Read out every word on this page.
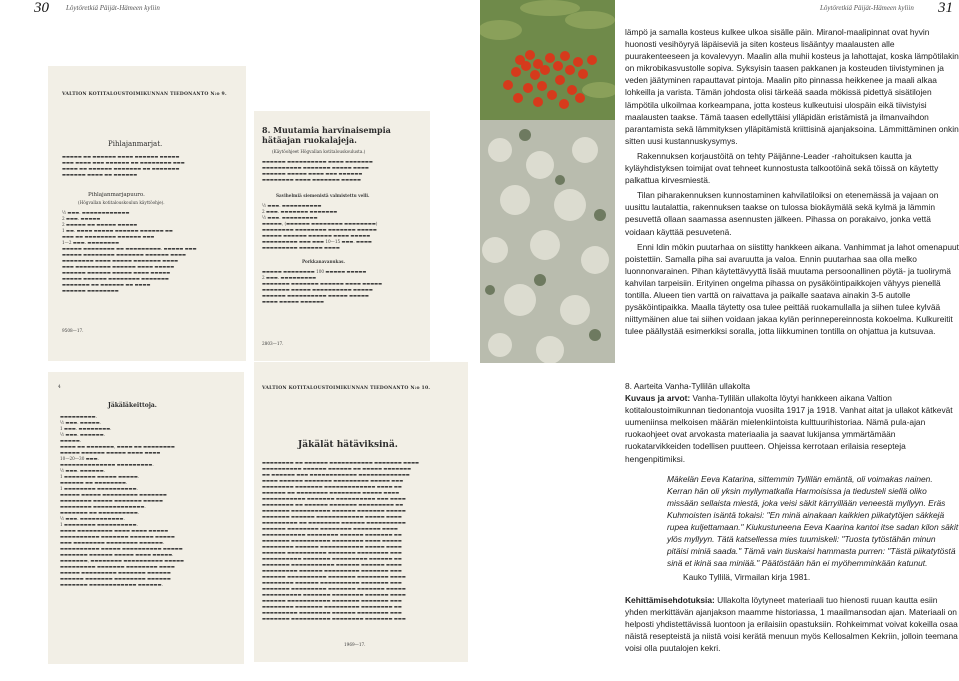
30 Löytöretkiä Päijät-Hämeen kyliin	Löytöretkiä Päijät-Hämeen kyliin 31
VALTION KOTITALOUSTOIMIKUNNAN TIEDONANTO N:o 9.
Pihlajanmarjat.
▬▬▬▬▬ ▬▬ ▬▬▬▬▬▬ ▬▬▬▬ ▬▬▬▬▬▬ ▬▬▬▬▬
▬▬▬ ▬▬▬▬ ▬▬▬ ▬▬▬▬▬▬ ▬▬ ▬▬▬▬▬▬▬▬ ▬▬▬
▬▬▬▬ ▬▬ ▬▬▬▬▬▬ ▬▬▬▬▬▬▬ ▬▬ ▬▬▬▬▬▬▬
▬▬▬▬▬▬ ▬▬▬▬ ▬▬ ▬▬▬▬▬▬
Pihlajanmarjapuuro.
(Högvallan kotitalouskoulun käyttöohje).
½ ▬▬▬. ▬▬▬▬▬▬▬▬▬▬▬▬
2 ▬▬▬. ▬▬▬▬▬
2 ▬▬▬▬▬ ▬▬ ▬▬▬▬▬ ▬▬▬▬▬
1 ▬▬. ▬▬▬▬ ▬▬▬▬▬ ▬▬▬▬▬▬ ▬▬▬▬▬▬ ▬▬
▬▬▬ ▬▬ ▬▬▬▬▬▬▬▬ ▬▬▬▬▬▬ ▬▬▬
1—2 ▬▬▬. ▬▬▬▬▬▬▬▬
▬▬▬▬▬ ▬▬▬▬▬▬▬▬ ▬▬ ▬▬▬▬▬▬▬▬▬. ▬▬▬▬▬ ▬▬▬
▬▬▬▬▬ ▬▬▬▬▬▬▬▬ ▬▬▬▬▬▬▬ ▬▬▬▬▬▬ ▬▬▬▬
▬▬▬▬▬▬▬▬ ▬▬▬▬ ▬▬▬▬▬ ▬▬▬▬▬▬▬ ▬▬▬▬
▬▬▬ ▬▬▬▬▬▬▬▬▬ ▬▬▬▬▬▬ ▬▬▬▬ ▬▬▬▬▬
▬▬▬▬▬▬ ▬▬▬▬▬▬ ▬▬▬▬▬ ▬▬▬▬ ▬▬▬▬▬
▬▬▬▬▬ ▬▬▬▬▬▬ ▬▬▬▬▬▬▬▬ ▬▬▬▬▬▬▬
▬▬▬▬▬▬▬ ▬▬ ▬▬▬▬▬▬ ▬▬ ▬▬▬▬
▬▬▬▬▬▬ ▬▬▬▬▬▬▬▬
9508—17.
8. Muutamia harvinaisempia hätäajan ruokalajeja.
(Käytöohjeet Högvallan kotitalouskoulusta.)
▬▬▬▬▬▬ ▬▬▬▬▬▬▬▬▬▬ ▬▬▬▬ ▬▬▬▬▬▬▬
▬▬▬▬▬▬▬▬▬▬ ▬▬▬▬▬▬▬ ▬▬▬▬▬ ▬▬▬▬
▬▬▬▬▬▬ ▬▬▬▬▬ ▬▬▬▬ ▬▬▬ ▬▬▬▬▬▬
▬▬▬▬▬▬▬▬ ▬▬▬▬ ▬▬▬▬▬▬▬ ▬▬▬▬▬
Savihelmiä siemenistä valmistettu velli.
½ ▬▬▬. ▬▬▬▬▬▬▬▬▬▬
2 ▬▬▬. ▬▬▬▬▬▬▬ ▬▬▬▬▬▬▬
½ ▬▬▬. ▬▬▬▬▬▬▬▬▬
▬▬▬▬▬, (▬▬▬▬▬▬ ▬▬▬▬▬▬▬▬ ▬▬▬▬▬▬▬▬)
▬▬▬▬▬▬▬▬ ▬▬▬▬▬▬▬▬ ▬▬▬▬▬▬▬ ▬▬▬▬▬
▬▬▬▬▬ ▬▬▬▬▬▬ ▬▬▬▬▬▬ ▬▬▬▬ ▬▬▬▬▬
▬▬▬▬▬▬▬▬▬ ▬▬▬ ▬▬▬ 10—15 ▬▬▬. ▬▬▬▬
▬▬▬▬▬▬▬▬▬ ▬▬▬▬▬▬ ▬▬▬▬
Porkkanavanukas.
▬▬▬▬▬ ▬▬▬▬▬▬▬▬ 100 ▬▬▬▬▬ ▬▬▬▬▬
2 ▬▬▬. ▬▬▬▬▬▬▬▬▬
▬▬▬▬▬▬▬ ▬▬▬▬▬▬▬ ▬▬▬▬▬▬ ▬▬▬▬ ▬▬▬▬▬
▬▬▬▬▬▬▬ ▬▬▬▬▬ ▬▬▬▬▬▬▬▬▬▬ ▬▬▬▬▬
▬▬▬▬▬▬ ▬▬▬▬▬▬▬▬▬▬ ▬▬▬▬▬ ▬▬▬▬▬
▬▬▬▬ ▬▬▬▬▬ ▬▬▬▬▬▬
2803—17.
4
Jäkäläkeittoja.
▬▬▬▬▬▬▬▬▬.
½ ▬▬▬. ▬▬▬▬▬.
1 ▬▬▬. ▬▬▬▬▬▬▬▬.
½ ▬▬▬. ▬▬▬▬▬▬.
▬▬▬▬▬.
▬▬▬▬ ▬▬ ▬▬▬▬▬▬▬, ▬▬▬▬ ▬▬ ▬▬▬▬▬▬▬▬
▬▬▬▬▬ ▬▬▬▬▬▬ ▬▬▬▬▬ ▬▬▬▬ ▬▬▬▬
10—20—30 ▬▬▬.
▬▬▬▬▬▬▬▬▬▬▬▬▬▬ ▬▬▬▬▬▬▬▬▬.
½ ▬▬▬. ▬▬▬▬▬▬.
1 ▬▬▬▬▬▬▬▬ ▬▬▬▬▬ ▬▬▬▬▬.
▬▬▬▬▬▬ ▬▬ ▬▬▬▬▬▬▬▬.
1 ▬▬▬▬▬▬▬▬ ▬▬▬▬▬▬▬▬▬▬.
▬▬▬▬▬ ▬▬▬▬▬ ▬▬▬▬▬▬▬▬▬ ▬▬▬▬▬▬▬
▬▬▬▬▬▬▬▬ ▬▬▬▬▬ ▬▬▬▬▬▬▬ ▬▬▬▬▬
▬▬▬▬▬▬▬▬ ▬▬▬▬▬▬▬▬▬▬▬▬▬.
▬▬▬▬▬▬▬ ▬▬ ▬▬▬▬▬▬▬▬▬▬.
½ ▬▬▬. ▬▬▬▬▬▬▬▬▬▬▬.
1 ▬▬▬▬▬▬▬▬ ▬▬▬▬▬▬▬▬▬▬.
▬▬▬▬ ▬▬▬▬▬▬▬▬▬ ▬▬▬▬ ▬▬▬▬ ▬▬▬▬▬
▬▬▬▬▬▬▬▬▬▬ ▬▬▬▬▬▬▬ ▬▬▬▬▬▬ ▬▬▬▬▬
▬▬▬ ▬▬▬▬▬▬▬▬ ▬▬▬▬▬▬▬▬ ▬▬▬▬▬▬.
▬▬▬▬▬▬▬▬▬▬ ▬▬▬▬▬ ▬▬▬▬▬▬▬▬▬▬ ▬▬▬▬▬
▬▬▬▬▬▬▬ ▬▬▬▬▬▬ ▬▬▬▬▬ ▬▬▬▬ ▬▬▬▬▬.
▬▬▬▬▬▬▬, ▬▬▬▬▬▬▬▬ ▬▬▬▬▬▬▬▬▬▬ ▬▬▬▬▬
▬▬▬▬▬▬▬▬▬ ▬▬▬▬▬▬▬ ▬▬▬▬▬▬▬▬ ▬▬▬▬
▬▬▬▬▬ ▬▬▬▬▬▬▬▬▬ ▬▬▬▬▬▬▬ ▬▬▬▬▬▬
▬▬▬▬▬▬ ▬▬▬▬▬▬▬ ▬▬▬▬▬▬▬▬ ▬▬▬▬▬▬
▬▬▬▬▬▬▬ ▬▬▬▬▬▬▬▬▬▬▬▬ ▬▬▬▬▬▬.
VALTION KOTITALOUSTOIMIKUNNAN TIEDONANTO N:o 10.
Jäkälät hätäviksinä.
▬▬▬▬▬▬▬▬ ▬▬ ▬▬▬▬▬▬ ▬▬▬▬▬▬▬▬▬▬▬ ▬▬▬▬▬▬▬ ▬▬▬▬
▬▬▬▬▬▬▬▬▬▬ ▬▬▬▬▬▬ ▬▬▬▬▬▬ ▬▬ ▬▬▬▬▬ ▬▬▬▬▬▬▬
▬▬ ▬▬▬▬▬▬ ▬▬▬ ▬▬▬▬▬▬▬▬▬▬▬▬ ▬▬▬▬▬▬▬▬▬▬▬▬▬
▬▬▬▬ ▬▬▬▬▬▬ ▬▬▬▬▬▬▬ ▬▬▬▬▬▬▬▬▬ ▬▬▬▬▬ ▬▬▬
▬▬▬▬▬▬▬▬ ▬▬▬▬▬▬▬ ▬▬▬▬▬▬▬▬▬▬▬▬▬ ▬▬▬▬ ▬▬
▬▬▬▬▬▬ ▬▬ ▬▬▬▬▬▬▬▬ ▬▬▬▬▬▬▬▬ ▬▬▬▬▬ ▬▬▬▬
▬▬▬▬▬▬▬▬▬▬▬ ▬▬▬▬▬▬▬ ▬▬▬▬▬▬▬▬▬▬ ▬▬▬ ▬▬▬▬
▬▬▬▬▬▬▬▬ ▬▬ ▬▬▬▬▬▬ ▬▬▬▬▬▬▬ ▬▬▬▬▬▬▬▬▬ ▬▬
▬▬▬▬▬▬▬ ▬▬▬▬▬▬▬▬▬▬ ▬▬▬▬▬▬ ▬▬▬▬▬▬▬ ▬▬▬▬▬
▬▬▬▬▬▬▬ ▬▬▬▬▬▬ ▬▬▬▬▬▬▬▬▬▬▬▬ ▬▬▬▬▬ ▬▬▬▬
▬▬▬▬▬▬▬▬▬ ▬▬ ▬▬▬▬▬▬▬▬ ▬▬▬▬▬▬ ▬▬▬▬▬▬▬▬▬▬
▬▬▬▬▬▬ ▬▬▬▬▬▬▬▬ ▬▬▬▬▬▬▬▬ ▬▬▬▬▬▬▬ ▬▬▬▬
▬▬▬▬▬▬▬▬▬▬▬ ▬▬▬▬▬▬▬▬ ▬▬▬▬▬▬ ▬▬▬▬▬▬▬ ▬▬
▬▬▬▬▬▬▬ ▬▬▬▬▬▬▬▬▬▬ ▬▬▬▬▬▬▬▬ ▬▬▬▬ ▬▬▬▬▬
▬▬▬▬▬▬▬▬ ▬▬▬▬▬▬ ▬▬▬▬▬▬▬▬▬▬▬ ▬▬▬▬▬ ▬▬▬▬
▬▬▬▬▬▬ ▬▬▬▬▬▬▬▬▬▬ ▬▬▬▬▬▬▬ ▬▬▬▬▬▬▬▬ ▬▬▬
▬▬▬▬▬▬▬▬▬▬ ▬▬▬▬▬▬▬ ▬▬▬▬▬▬▬▬▬ ▬▬▬▬▬▬ ▬▬
▬▬▬▬▬▬▬ ▬▬▬▬▬▬▬▬▬▬▬ ▬▬▬▬▬▬ ▬▬▬▬▬▬ ▬▬▬▬
▬▬▬▬▬▬▬▬▬ ▬▬▬▬▬▬ ▬▬▬▬▬▬▬▬▬ ▬▬▬▬▬▬▬ ▬▬▬
▬▬▬▬▬▬ ▬▬▬▬▬▬▬▬▬▬ ▬▬▬▬▬▬▬ ▬▬▬▬▬▬▬▬ ▬▬▬▬
▬▬▬▬▬▬▬▬ ▬▬▬▬▬▬ ▬▬▬▬▬▬▬▬▬▬ ▬▬▬▬▬▬▬ ▬▬▬
▬▬▬▬▬▬▬ ▬▬▬▬▬▬▬▬▬ ▬▬▬▬▬▬▬ ▬▬▬▬▬▬▬ ▬▬▬▬▬
▬▬▬▬▬▬▬▬▬▬ ▬▬▬▬▬▬▬ ▬▬▬▬▬▬▬▬ ▬▬▬▬▬▬ ▬▬▬▬
▬▬▬▬▬▬ ▬▬▬▬▬▬▬▬▬▬▬ ▬▬▬▬▬▬▬ ▬▬▬▬▬▬▬ ▬▬▬
▬▬▬▬▬▬▬▬ ▬▬▬▬▬▬▬ ▬▬▬▬▬▬▬▬▬ ▬▬▬▬▬▬▬▬ ▬▬
▬▬▬▬▬▬▬▬▬ ▬▬▬▬▬▬▬▬ ▬▬▬▬▬▬ ▬▬▬▬▬▬▬▬ ▬▬▬
▬▬▬▬▬▬▬ ▬▬▬▬▬▬▬▬▬▬ ▬▬▬▬▬▬▬▬ ▬▬▬▬▬▬▬ ▬▬▬
1969—17.

lämpö ja samalla kosteus kulkee ulkoa sisälle päin. Miranol-maalipinnat ovat hyvin huonosti vesihöyryä läpäiseviä ja siten kosteus lisääntyy maalausten alle puurakenteeseen ja kovalevyyn. Maalin alla muhii kosteus ja lahottajat, koska lämpötilakin on mikrobikasvustolle sopiva. Syksyisin taasen pakkanen ja kosteuden tiivistyminen ja veden jäätyminen rapauttavat pintoja. Maalin pito pinnassa heikkenee ja maali alkaa lohkeilla ja varista. Tämän johdosta olisi tärkeää saada mökissä pidettyä sisätilojen lämpötila ulkoilmaa korkeampana, jotta kosteus kulkeutuisi ulospäin eikä tiivistyisi maalausten taakse. Tämä taasen edellyttäisi ylläpidän eristämistä ja ilmanvaihdon parantamista sekä lämmityksen ylläpitämistä kriittisinä ajanjaksoina. Lämmittäminen onkin sitten uusi kustannuskysymys.

Rakennuksen korjaustöitä on tehty Päijänne-Leader -rahoituksen kautta ja kyläyhdistyksen toimijat ovat tehneet kunnostusta talkootöinä sekä töissä on käytetty palkattua kirvesmiestä.

Tilan piharakennuksen kunnostaminen kahvilatiloiksi on etenemässä ja vajaan on uusittu lautalattia, rakennuksen taakse on tulossa biokäymälä sekä kylmä ja lämmin pesuvettä ollaan saamassa asennusten jälkeen. Pihassa on porakaivo, jonka vettä voidaan käyttää pesuvetenä.

Enni Idin mökin puutarhaa on siistitty hankkeen aikana. Vanhimmat ja lahot omenapuut poistettiin. Samalla piha sai avaruutta ja valoa. Ennin puutarhaa saa olla melko luonnonvarainen. Pihan käytettävyyttä lisää muutama persoonallinen pöytä- ja tuolirymä kahvilan tarpeisiin. Erityinen ongelma pihassa on pysäköintipaikkojen vähyys pienellä tontilla. Alueen tien varttä on raivattava ja paikalle saatava ainakin 3-5 autolle pysäköintipaikka. Maalla täytetty osa tulee peittää ruokamullalla ja siihen tulee kylvää niittymäinen alue tai siihen voidaan jakaa kylän perinnepereinnosta kokoelma. Kulkureitit tulee päällystää esimerkiksi soralla, jotta liikkuminen tontilla on ohjattua ja kutsuvaa.

8. Aarteita Vanha-Tyllilän ullakolta

Kuvaus ja arvot: Vanha-Tyllilän ullakolta löytyi hankkeen aikana Valtion kotitaloustoimikunnan tiedonantoja vuosilta 1917 ja 1918. Vanhat aitat ja ullakot kätkevät uumeniinsa melkoisen määrän mielenkiintoista kulttuurihistoriaa. Nämä pula-ajan ruokaohjeet ovat arvokasta materiaalia ja saavat lukijansa ymmärtämään ruokatarvikkeiden todellisen puutteen. Ohjeissa kerrotaan erilaisia resepteja hengenpitimiksi.

Mäkelän Eeva Katarina, sittemmin Tyllilän emäntä, oli voimakas nainen. Kerran hän oli yksin myllymatkalla Harmoisissa ja tiedusteli siellä oliko missään sellaista miestä, joka veisi säkit kärryillään veneestä myllyyn. Eräs Kuhmoisten isäntä tokaisi: "En minä ainakaan kaikkien piikatytöjen säkkejä rupea kuljettamaan." Kiukustuneena Eeva Kaarina kantoi itse sadan kilon säkit ylös myllyyn. Tätä katsellessa mies tuumiskeli: "Tuosta tytöstähän minun pitäisi miniä saada." Tämä vain tiuskaisi hammasta purren: "Tästä piikatytöstä sinä et ikinä saa miniää." Päätöstään hän ei myöhemminkään katunut.

Kauko Tyllilä, Virmailan kirja 1981.

Kehittämisehdotuksia: Ullakolta löytyneet materiaali tuo hienosti ruuan kautta esiin yhden merkittävän ajanjakson maamme historiassa, 1 maailmansodan ajan. Materiaali on helposti yhdistettävissä luontoon ja erilaisiin opastuksiin. Rohkeimmat voivat kokeilla osaa näistä resepteistä ja niistä voisi kerätä menuun myös Kellosalmen Kekriin, jolloin teemana voisi olla puutalojen kekri.
